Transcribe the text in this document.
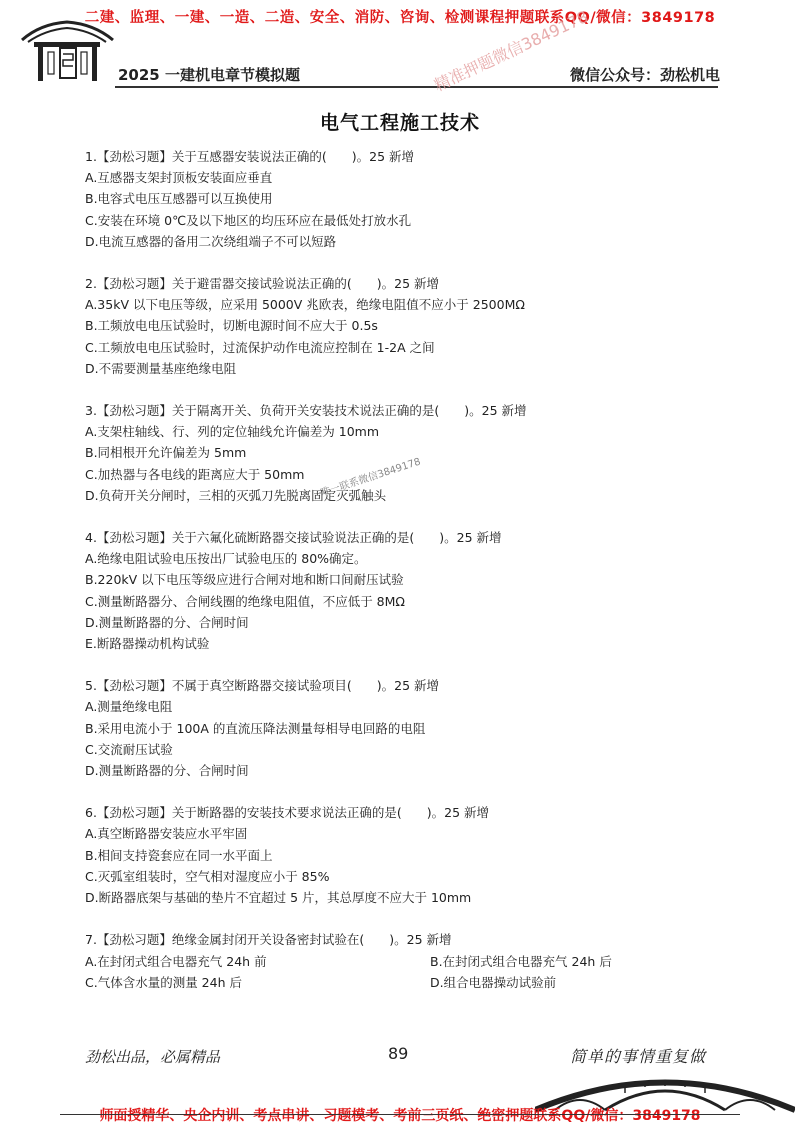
二建、监理、一建、一造、二造、安全、消防、咨询、检测课程押题联系QQ/微信：3849178
2025 一建机电章节模拟题	微信公众号：劲松机电
精准押题微信3849178
唯一联系微信3849178
电气工程施工技术
1.【劲松习题】关于互感器安装说法正确的(　　)。25 新增
A.互感器支架封顶板安装面应垂直
B.电容式电压互感器可以互换使用
C.安装在环境 0℃及以下地区的均压环应在最低处打放水孔
D.电流互感器的备用二次绕组端子不可以短路
2.【劲松习题】关于避雷器交接试验说法正确的(　　)。25 新增
A.35kV 以下电压等级，应采用 5000V 兆欧表，绝缘电阻值不应小于 2500MΩ
B.工频放电电压试验时，切断电源时间不应大于 0.5s
C.工频放电电压试验时，过流保护动作电流应控制在 1-2A 之间
D.不需要测量基座绝缘电阻
3.【劲松习题】关于隔离开关、负荷开关安装技术说法正确的是(　　)。25 新增
A.支架柱轴线、行、列的定位轴线允许偏差为 10mm
B.同相根开允许偏差为 5mm
C.加热器与各电线的距离应大于 50mm
D.负荷开关分闸时，三相的灭弧刀先脱离固定灭弧触头
4.【劲松习题】关于六氟化硫断路器交接试验说法正确的是(　　)。25 新增
A.绝缘电阻试验电压按出厂试验电压的 80%确定。
B.220kV 以下电压等级应进行合闸对地和断口间耐压试验
C.测量断路器分、合闸线圈的绝缘电阻值，不应低于 8MΩ
D.测量断路器的分、合闸时间
E.断路器操动机构试验
5.【劲松习题】不属于真空断路器交接试验项目(　　)。25 新增
A.测量绝缘电阻
B.采用电流小于 100A 的直流压降法测量每相导电回路的电阻
C.交流耐压试验
D.测量断路器的分、合闸时间
6.【劲松习题】关于断路器的安装技术要求说法正确的是(　　)。25 新增
A.真空断路器安装应水平牢固
B.相间支持瓷套应在同一水平面上
C.灭弧室组装时，空气相对湿度应小于 85%
D.断路器底架与基础的垫片不宜超过 5 片，其总厚度不应大于 10mm
7.【劲松习题】绝缘金属封闭开关设备密封试验在(　　)。25 新增
A.在封闭式组合电器充气 24h 前	B.在封闭式组合电器充气 24h 后
C.气体含水量的测量 24h 后	D.组合电器操动试验前
劲松出品，必属精品	89	简单的事情重复做
师面授精华、央企内训、考点串讲、习题模考、考前三页纸、绝密押题联系QQ/微信：3849178
